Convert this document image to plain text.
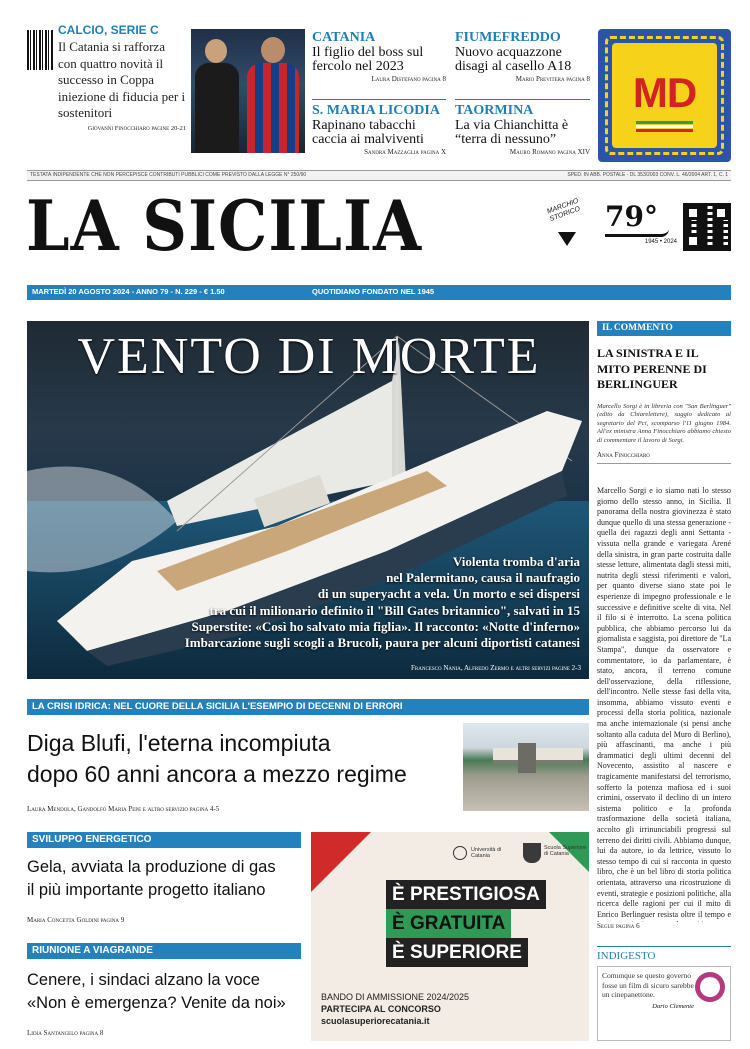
CALCIO, SERIE C
Il Catania si rafforza con quattro novità il successo in Coppa iniezione di fiducia per i sostenitori
Giovanni Finocchiaro pagine 20-21
CATANIA
Il figlio del boss sul fercolo nel 2023
Laura Distefano pagina 8
S. MARIA LICODIA
Rapinano tabacchi caccia ai malviventi
Sandra Mazzaglia pagina X
FIUMEFREDDO
Nuovo acquazzone disagi al casello A18
Mario Previtera pagina 8
TAORMINA
La via Chianchitta è “terra di nessuno”
Mauro Romano pagina XIV
MD
TESTATA INDIPENDENTE CHE NON PERCEPISCE CONTRIBUTI PUBBLICI COME PREVISTO DALLA LEGGE N° 250/90	SPED. IN ABB. POSTALE - DL 353/2003 CONV. L. 46/2004 ART. 1, C. 1
LA SICILIA	MARCHIO STORICO 79°
1945 • 2024
MARTEDÌ 20 AGOSTO 2024 - ANNO 79 - N. 229 - € 1.50	QUOTIDIANO FONDATO NEL 1945
VENTO DI MORTE
Violenta tromba d'aria
nel Palermitano, causa il naufragio
di un superyacht a vela. Un morto e sei dispersi
tra cui il milionario definito il "Bill Gates britannico", salvati in 15
Superstite: «Così ho salvato mia figlia». Il racconto: «Notte d'inferno»
Imbarcazione sugli scogli a Brucoli, paura per alcuni diportisti catanesi
Francesco Nania, Alfredo Zermo e altri servizi pagine 2-3
IL COMMENTO
LA SINISTRA E IL MITO PERENNE DI BERLINGUER
Marcello Sorgi è in libreria con "San Berlinguer" (edito da Chiarelettere), saggio dedicato al segretario del Pci, scomparso l'11 giugno 1984. All'ex ministra Anna Finocchiaro abbiamo chiesto di commentare il lavoro di Sorgi.
Anna Finocchiaro
Marcello Sorgi e io siamo nati lo stesso giorno dello stesso anno, in Sicilia. Il panorama della nostra giovinezza è stato dunque quello di una stessa generazione - quella dei ragazzi degli anni Settanta - vissuta nella grande e variegata Arené della sinistra, in gran parte costruita dalle stesse letture, alimentata dagli stessi miti, nutrita degli stessi riferimenti e valori, per quanto diverse siano state poi le esperienze di impegno professionale e le successive e definitive scelte di vita. Nel il filo si è interrotto. La scena politica pubblica, che abbiamo percorso lui da giornalista e saggista, poi direttore de "La Stampa", dunque da osservatore e commentatore, io da parlamentare, è stato, ancora, il terreno comune dell'osservazione, della riflessione, dell'incontro. Nelle stesse fasi della vita, insomma, abbiamo vissuto eventi e processi della storia politica, nazionale ma anche internazionale (si pensi anche soltanto alla caduta del Muro di Berlino), più affascinanti, ma anche i più drammatici degli ultimi decenni del Novecento, assistito al nascere e tragicamente manifestarsi del terrorismo, sofferto la potenza mafiosa ed i suoi crimini, osservato il declino di un intero sistema politico e la profonda trasformazione della società italiana, accolto gli irrinunciabili progressi sul terreno dei diritti civili. Abbiamo dunque, lui da autore, io da lettrice, vissuto lo stesso tempo di cui si racconta in questo libro, che è un bel libro di storia politica orientata, attraverso una ricostruzione di eventi, strategie e posizioni politiche, alla ricerca delle ragioni per cui il mito di Enrico Berlinguer resista oltre il tempo e
Segue pagina 6
INDIGESTO
Comunque se questo governo fosse un film di sicuro sarebbe un cinepanettone.
Dario Clemente
LA CRISI IDRICA: NEL CUORE DELLA SICILIA L'ESEMPIO DI DECENNI DI ERRORI
Diga Blufi, l'eterna incompiuta
dopo 60 anni ancora a mezzo regime
Laura Mendola, Gandolfo Maria Pepe e altro servizio pagina 4-5
SVILUPPO ENERGETICO
Gela, avviata la produzione di gas
il più importante progetto italiano
Maria Concetta Goldini pagina 9
RIUNIONE A VIAGRANDE
Cenere, i sindaci alzano la voce
«Non è emergenza? Venite da noi»
Lidia Santangelo pagina 8
Università di Catania
Scuola Superiore di Catania
È PRESTIGIOSA
È GRATUITA
È SUPERIORE
BANDO DI AMMISSIONE 2024/2025
PARTECIPA AL CONCORSO
scuolasuperiorecatania.it
